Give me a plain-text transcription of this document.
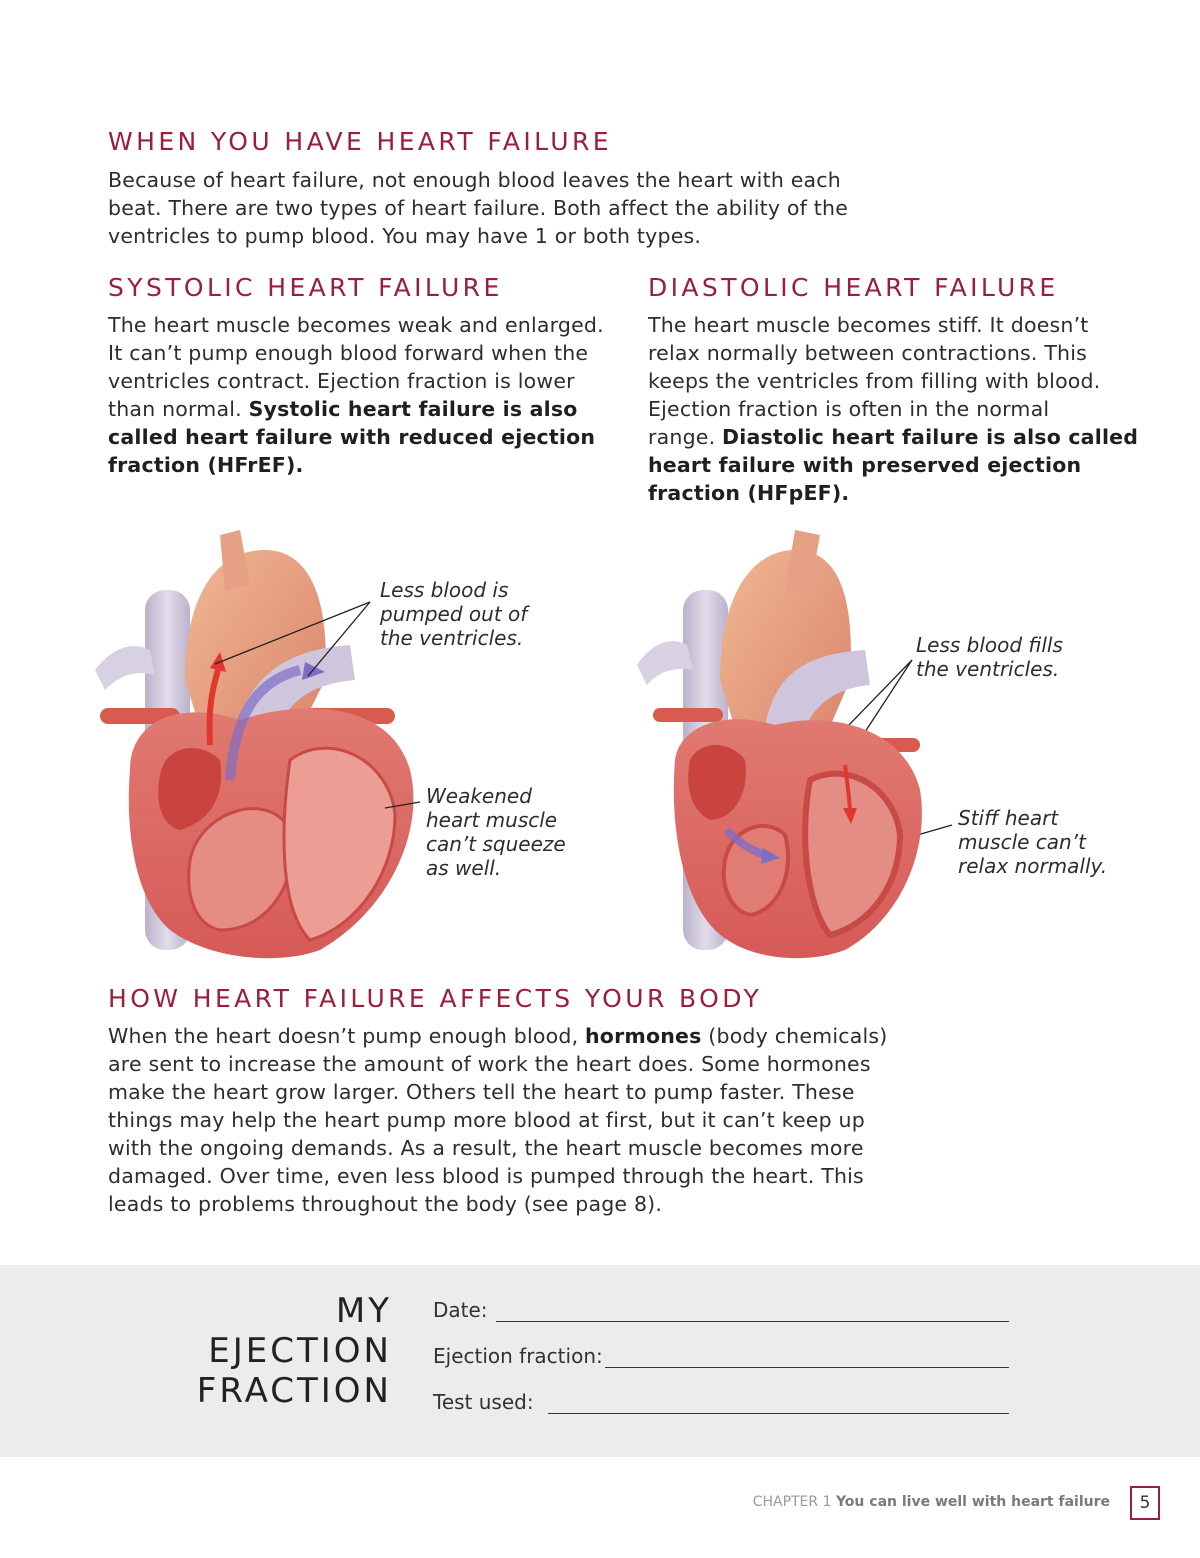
WHEN YOU HAVE HEART FAILURE

Because of heart failure, not enough blood leaves the heart with each

beat. There are two types of heart failure. Both affect the ability of the

ventricles to pump blood. You may have 1 or both types.

SYSTOLIC HEART FAILURE

The heart muscle becomes weak and enlarged.

It can’t pump enough blood forward when the

ventricles contract. Ejection fraction is lower

than normal. Systolic heart failure is also

called heart failure with reduced ejection

fraction (HFrEF).

DIASTOLIC HEART FAILURE

The heart muscle becomes stiff. It doesn’t

relax normally between contractions. This

keeps the ventricles from filling with blood.

Ejection fraction is often in the normal

range. Diastolic heart failure is also called

heart failure with preserved ejection

fraction (HFpEF).

Less blood is
pumped out of
the ventricles.
Weakened
heart muscle
can’t squeeze
as well.
Less blood fills
the ventricles.
Stiff heart
muscle can’t
relax normally.
HOW HEART FAILURE AFFECTS YOUR BODY

When the heart doesn’t pump enough blood, hormones (body chemicals)

are sent to increase the amount of work the heart does. Some hormones

make the heart grow larger. Others tell the heart to pump faster. These

things may help the heart pump more blood at first, but it can’t keep up

with the ongoing demands. As a result, the heart muscle becomes more

damaged. Over time, even less blood is pumped through the heart. This

leads to problems throughout the body (see page 8).

MY
EJECTION
FRACTION
Date:
Ejection fraction:
Test used:
CHAPTER 1 You can live well with heart failure	5
